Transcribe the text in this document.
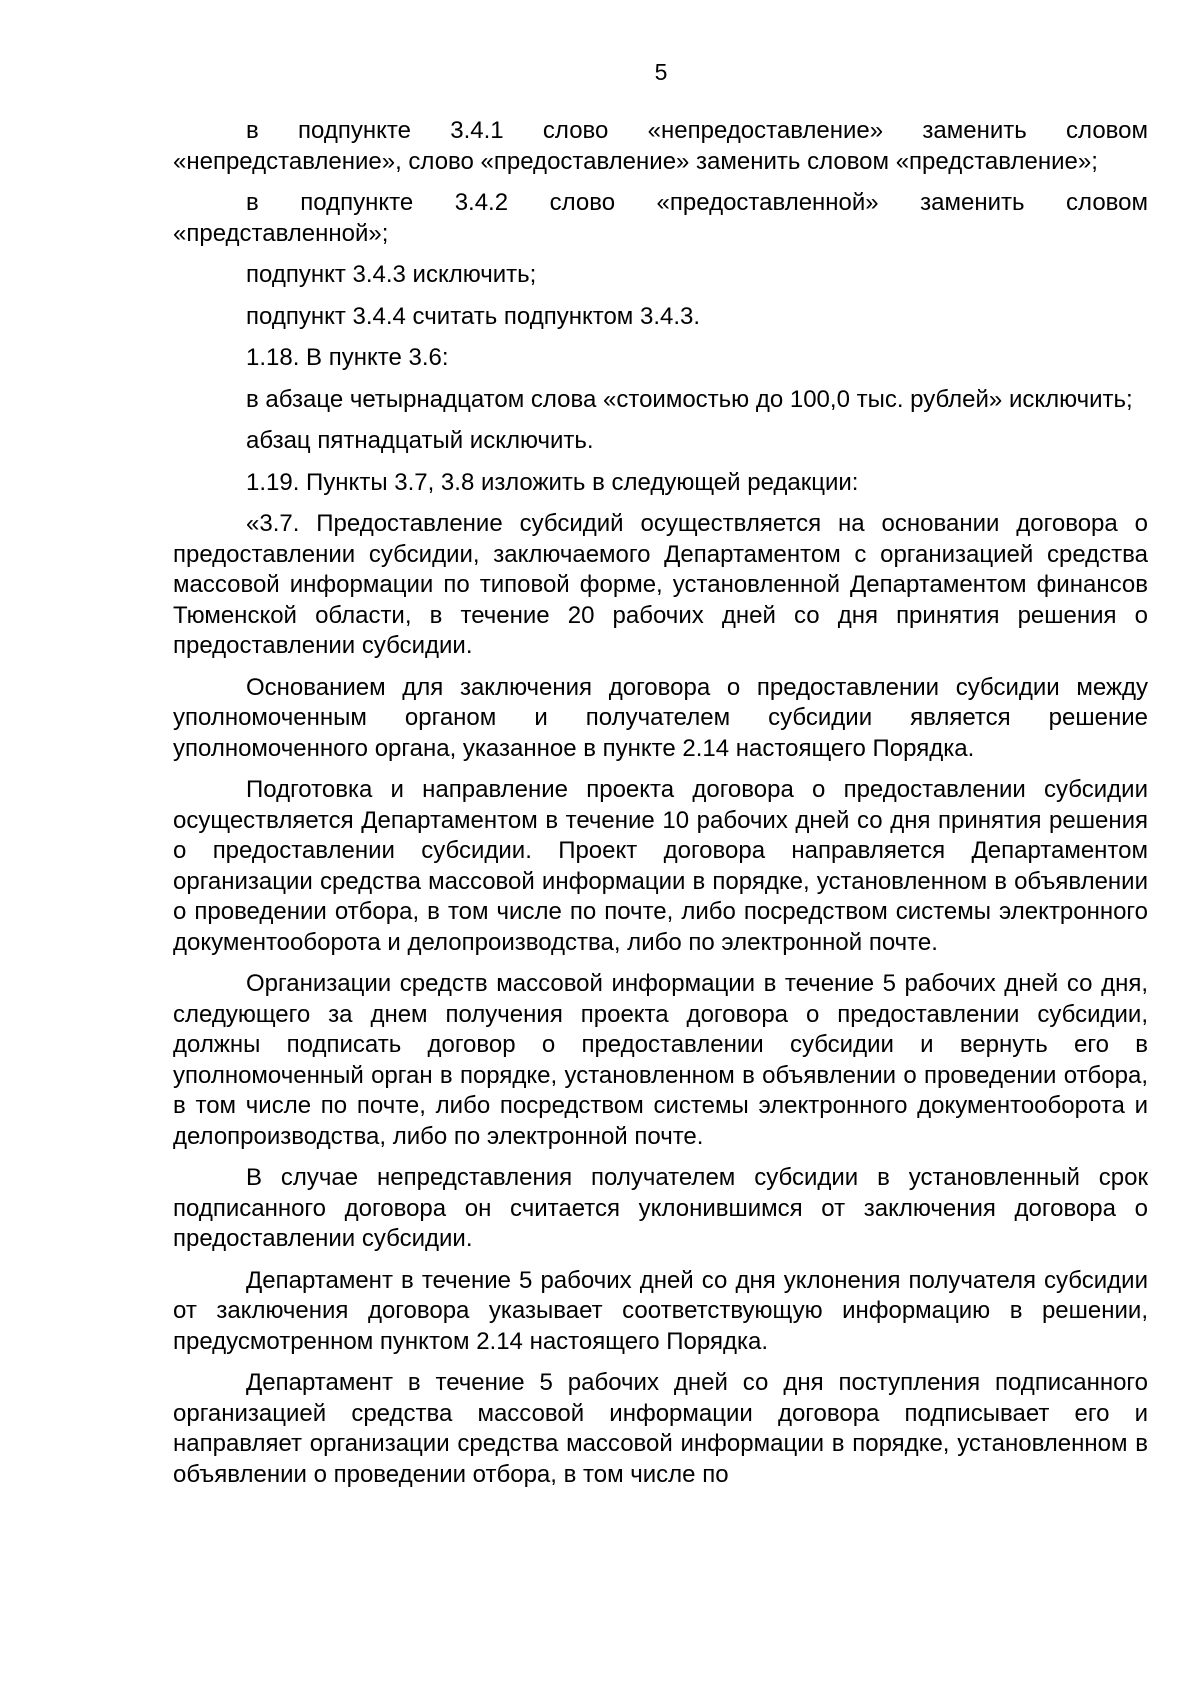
5

в подпункте 3.4.1 слово «непредоставление» заменить словом «непредставление», слово «предоставление» заменить словом «представление»;

в подпункте 3.4.2 слово «предоставленной» заменить словом «представленной»;

подпункт 3.4.3 исключить;

подпункт 3.4.4 считать подпунктом 3.4.3.

1.18. В пункте 3.6:

в абзаце четырнадцатом слова «стоимостью до 100,0 тыс. рублей» исключить;

абзац пятнадцатый исключить.

1.19. Пункты 3.7, 3.8 изложить в следующей редакции:

«3.7. Предоставление субсидий осуществляется на основании договора о предоставлении субсидии, заключаемого Департаментом с организацией средства массовой информации по типовой форме, установленной Департаментом финансов Тюменской области, в течение 20 рабочих дней со дня принятия решения о предоставлении субсидии.

Основанием для заключения договора о предоставлении субсидии между уполномоченным органом и получателем субсидии является решение уполномоченного органа, указанное в пункте 2.14 настоящего Порядка.

Подготовка и направление проекта договора о предоставлении субсидии осуществляется Департаментом в течение 10 рабочих дней со дня принятия решения о предоставлении субсидии. Проект договора направляется Департаментом организации средства массовой информации в порядке, установленном в объявлении о проведении отбора, в том числе по почте, либо посредством системы электронного документооборота и делопроизводства, либо по электронной почте.

Организации средств массовой информации в течение 5 рабочих дней со дня, следующего за днем получения проекта договора о предоставлении субсидии, должны подписать договор о предоставлении субсидии и вернуть его в уполномоченный орган в порядке, установленном в объявлении о проведении отбора, в том числе по почте, либо посредством системы электронного документооборота и делопроизводства, либо по электронной почте.

В случае непредставления получателем субсидии в установленный срок подписанного договора он считается уклонившимся от заключения договора о предоставлении субсидии.

Департамент в течение 5 рабочих дней со дня уклонения получателя субсидии от заключения договора указывает соответствующую информацию в решении, предусмотренном пунктом 2.14 настоящего Порядка.

Департамент в течение 5 рабочих дней со дня поступления подписанного организацией средства массовой информации договора подписывает его и направляет организации средства массовой информации в порядке, установленном в объявлении о проведении отбора, в том числе по
